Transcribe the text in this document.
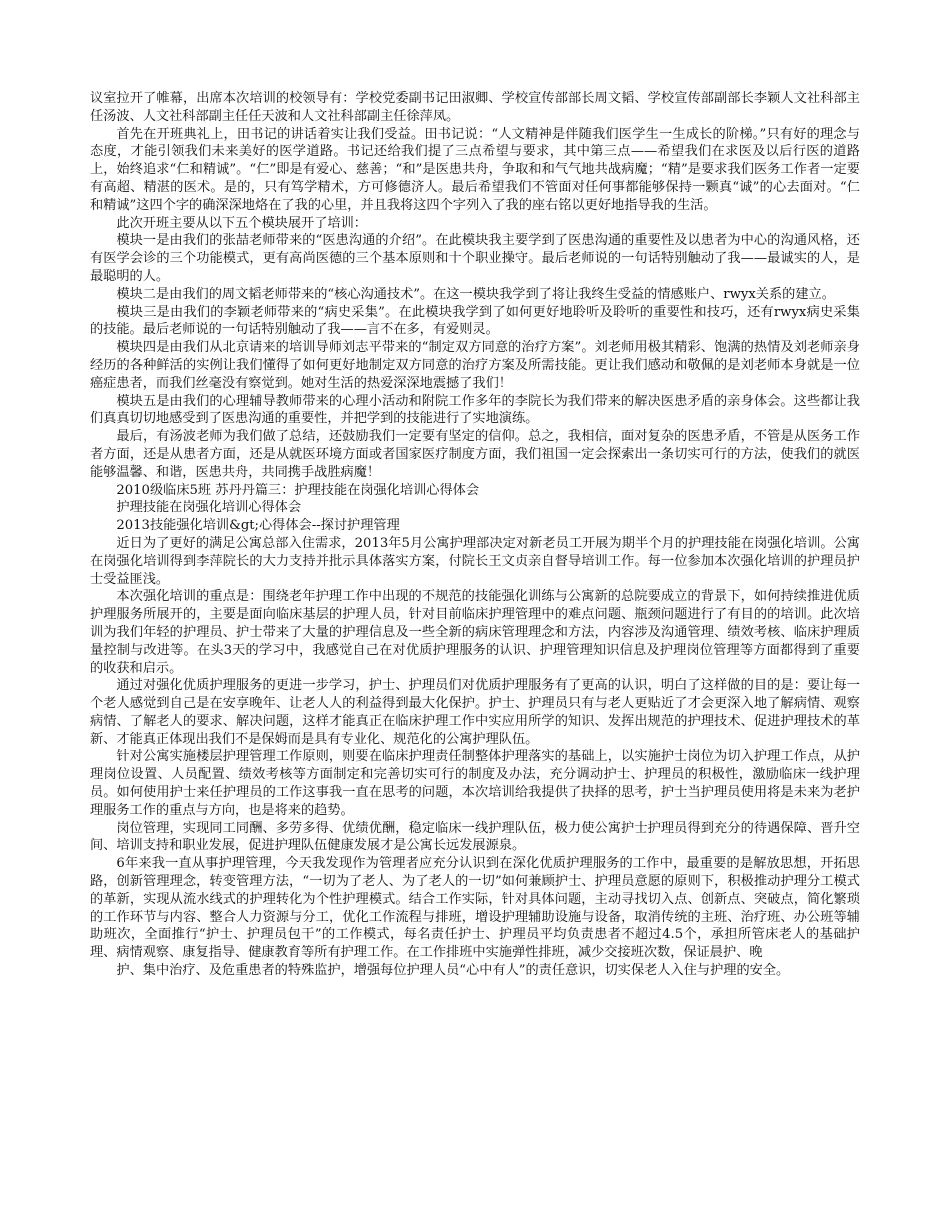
议室拉开了帷幕，出席本次培训的校领导有：学校党委副书记田淑卿、学校宣传部部长周文韬、学校宣传部副部长李颖人文社科部主任汤波、人文社科部副主任任天波和人文社科部副主任徐萍凤。

首先在开班典礼上，田书记的讲话着实让我们受益。田书记说：“人文精神是伴随我们医学生一生成长的阶梯。”只有好的理念与态度，才能引领我们未来美好的医学道路。书记还给我们提了三点希望与要求，其中第三点——希望我们在求医及以后行医的道路上，始终追求“仁和精诚”。“仁”即是有爱心、慈善；“和”是医患共舟，争取和和气气地共战病魔；“精”是要求我们医务工作者一定要有高超、精湛的医术。是的，只有笃学精术，方可修德济人。最后希望我们不管面对任何事都能够保持一颗真“诚”的心去面对。“仁和精诚”这四个字的确深深地烙在了我的心里，并且我将这四个字列入了我的座右铭以更好地指导我的生活。

此次开班主要从以下五个模块展开了培训：

模块一是由我们的张喆老师带来的“医患沟通的介绍”。在此模块我主要学到了医患沟通的重要性及以患者为中心的沟通风格，还有医学会诊的三个功能模式，更有高尚医德的三个基本原则和十个职业操守。最后老师说的一句话特别触动了我——最诚实的人，是最聪明的人。

模块二是由我们的周文韬老师带来的“核心沟通技术”。在这一模块我学到了将让我终生受益的情感账户、rwyx关系的建立。

模块三是由我们的李颖老师带来的“病史采集”。在此模块我学到了如何更好地聆听及聆听的重要性和技巧，还有rwyx病史采集的技能。最后老师说的一句话特别触动了我——言不在多，有爱则灵。

模块四是由我们从北京请来的培训导师刘志平带来的“制定双方同意的治疗方案”。刘老师用极其精彩、饱满的热情及刘老师亲身经历的各种鲜活的实例让我们懂得了如何更好地制定双方同意的治疗方案及所需技能。更让我们感动和敬佩的是刘老师本身就是一位癌症患者，而我们丝毫没有察觉到。她对生活的热爱深深地震撼了我们！

模块五是由我们的心理辅导教师带来的心理小活动和附院工作多年的李院长为我们带来的解决医患矛盾的亲身体会。这些都让我们真真切切地感受到了医患沟通的重要性，并把学到的技能进行了实地演练。

最后，有汤波老师为我们做了总结，还鼓励我们一定要有坚定的信仰。总之，我相信，面对复杂的医患矛盾，不管是从医务工作者方面，还是从患者方面，还是从就医环境方面或者国家医疗制度方面，我们祖国一定会探索出一条切实可行的方法，使我们的就医能够温馨、和谐，医患共舟，共同携手战胜病魔！

2010级临床5班 苏丹丹篇三：护理技能在岗强化培训心得体会

护理技能在岗强化培训心得体会

2013技能强化培训&gt;心得体会--探讨护理管理

近日为了更好的满足公寓总部入住需求，2013年5月公寓护理部决定对新老员工开展为期半个月的护理技能在岗强化培训。公寓在岗强化培训得到李萍院长的大力支持并批示具体落实方案，付院长王文贞亲自督导培训工作。每一位参加本次强化培训的护理员护士受益匪浅。

本次强化培训的重点是：围绕老年护理工作中出现的不规范的技能强化训练与公寓新的总院要成立的背景下，如何持续推进优质护理服务所展开的，主要是面向临床基层的护理人员，针对目前临床护理管理中的难点问题、瓶颈问题进行了有目的的培训。此次培训为我们年轻的护理员、护士带来了大量的护理信息及一些全新的病床管理理念和方法，内容涉及沟通管理、绩效考核、临床护理质量控制与改进等。在头3天的学习中，我感觉自己在对优质护理服务的认识、护理管理知识信息及护理岗位管理等方面都得到了重要的收获和启示。

通过对强化优质护理服务的更进一步学习，护士、护理员们对优质护理服务有了更高的认识，明白了这样做的目的是：要让每一个老人感觉到自己是在安享晚年、让老人人的利益得到最大化保护。护士、护理员只有与老人更贴近了才会更深入地了解病情、观察病情、了解老人的要求、解决问题，这样才能真正在临床护理工作中实应用所学的知识、发挥出规范的护理技术、促进护理技术的革新、才能真正体现出我们不是保姆而是具有专业化、规范化的公寓护理队伍。

针对公寓实施楼层护理管理工作原则，则要在临床护理责任制整体护理落实的基础上，以实施护士岗位为切入护理工作点，从护理岗位设置、人员配置、绩效考核等方面制定和完善切实可行的制度及办法，充分调动护士、护理员的积极性，激励临床一线护理员。如何使用护士来任护理员的工作这事我一直在思考的问题，本次培训给我提供了抉择的思考，护士当护理员使用将是未来为老护理服务工作的重点与方向，也是将来的趋势。

岗位管理，实现同工同酬、多劳多得、优绩优酬，稳定临床一线护理队伍，极力使公寓护士护理员得到充分的待遇保障、晋升空间、培训支持和职业发展，促进护理队伍健康发展才是公寓长远发展源泉。

6年来我一直从事护理管理，今天我发现作为管理者应充分认识到在深化优质护理服务的工作中，最重要的是解放思想，开拓思路，创新管理理念，转变管理方法，“一切为了老人、为了老人的一切”如何兼顾护士、护理员意愿的原则下，积极推动护理分工模式的革新，实现从流水线式的护理转化为个性护理模式。结合工作实际，针对具体问题，主动寻找切入点、创新点、突破点，简化繁琐的工作环节与内容、整合人力资源与分工，优化工作流程与排班，增设护理辅助设施与设备，取消传统的主班、治疗班、办公班等辅助班次，全面推行“护士、护理员包干”的工作模式，每名责任护士、护理员平均负责患者不超过4.5个，承担所管床老人的基础护理、病情观察、康复指导、健康教育等所有护理工作。在工作排班中实施弹性排班，减少交接班次数，保证晨护、晚

护、集中治疗、及危重患者的特殊监护，增强每位护理人员“心中有人”的责任意识，切实保老人入住与护理的安全。
